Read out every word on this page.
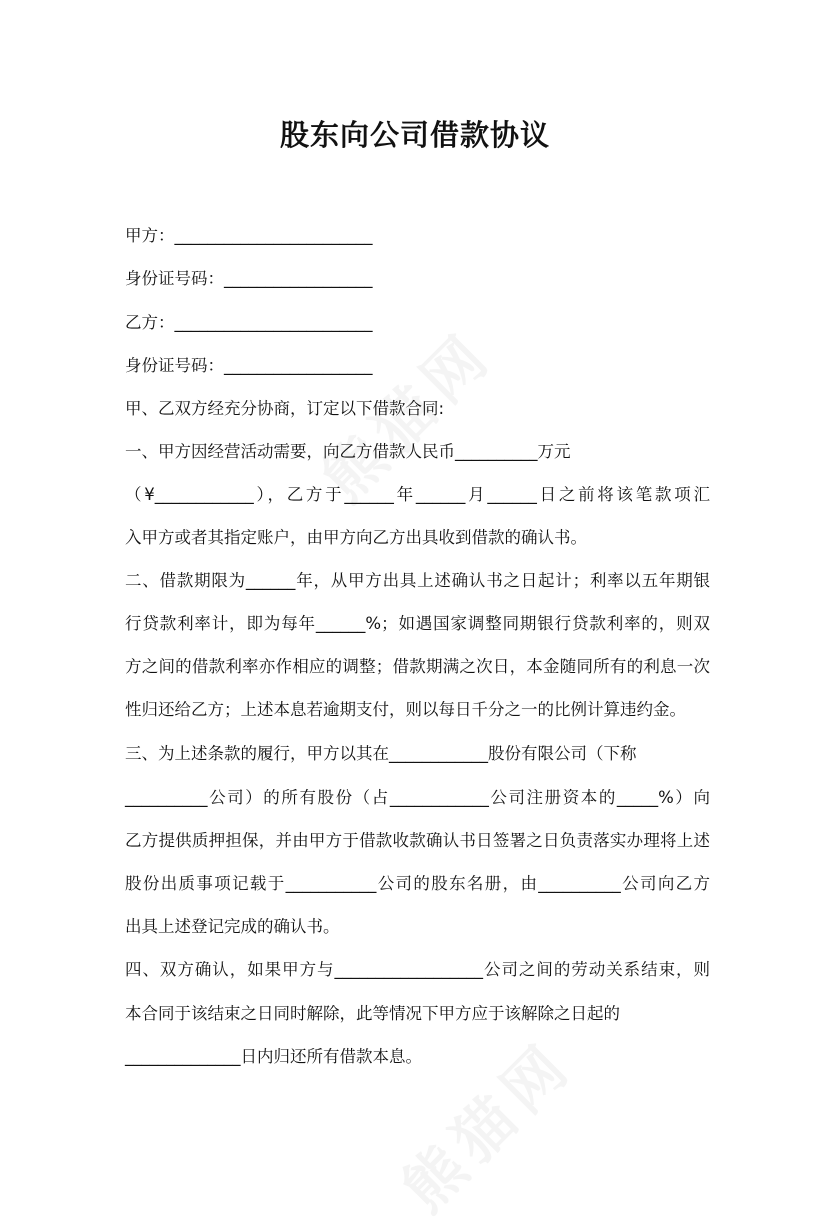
股东向公司借款协议
甲方：________________________
身份证号码：__________________
乙方：________________________
身份证号码：__________________
甲、乙双方经充分协商，订定以下借款合同:
一、甲方因经营活动需要，向乙方借款人民币__________万元
（¥____________），乙方于______年______月______日之前将该笔款项汇
入甲方或者其指定账户，由甲方向乙方出具收到借款的确认书。
二、借款期限为______年，从甲方出具上述确认书之日起计；利率以五年期银
行贷款利率计，即为每年______%；如遇国家调整同期银行贷款利率的，则双
方之间的借款利率亦作相应的调整；借款期满之次日，本金随同所有的利息一次
性归还给乙方；上述本息若逾期支付，则以每日千分之一的比例计算违约金。
三、为上述条款的履行，甲方以其在____________股份有限公司（下称
__________公司）的所有股份（占____________公司注册资本的_____%）向
乙方提供质押担保，并由甲方于借款收款确认书日签署之日负责落实办理将上述
股份出质事项记载于___________公司的股东名册，由__________公司向乙方
出具上述登记完成的确认书。
四、双方确认，如果甲方与__________________公司之间的劳动关系结束，则
本合同于该结束之日同时解除，此等情况下甲方应于该解除之日起的
______________日内归还所有借款本息。
